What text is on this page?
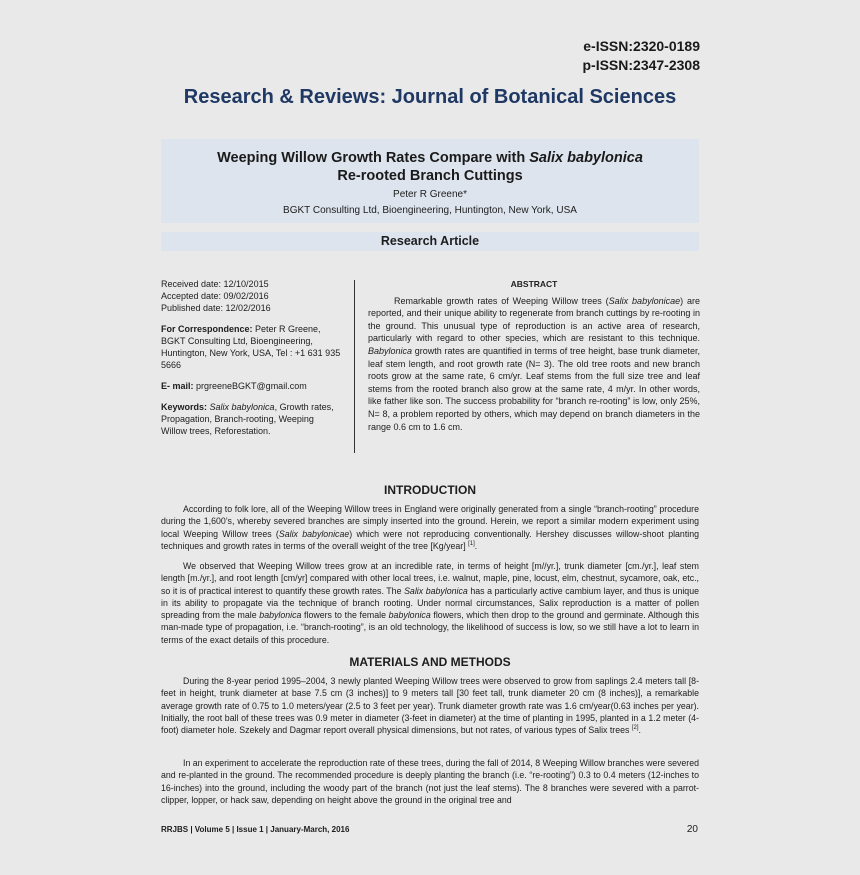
e-ISSN:2320-0189
p-ISSN:2347-2308
Research & Reviews: Journal of Botanical Sciences
Weeping Willow Growth Rates Compare with Salix babylonica
Re-rooted Branch Cuttings
Peter R Greene*
BGKT Consulting Ltd, Bioengineering, Huntington, New York, USA
Research Article

Received date: 12/10/2015

Accepted date: 09/02/2016

Published date: 12/02/2016

For Correspondence: Peter R Greene, BGKT Consulting Ltd, Bioengineering, Huntington, New York, USA, Tel : +1 631 935 5666

E- mail: prgreeneBGKT@gmail.com

Keywords: Salix babylonica, Growth rates, Propagation, Branch-rooting, Weeping Willow trees, Reforestation.

ABSTRACT
Remarkable growth rates of Weeping Willow trees (Salix babylonicae) are reported, and their unique ability to regenerate from branch cuttings by re-rooting in the ground. This unusual type of reproduction is an active area of research, particularly with regard to other species, which are resistant to this technique. Babylonica growth rates are quantified in terms of tree height, base trunk diameter, leaf stem length, and root growth rate (N= 3). The old tree roots and new branch roots grow at the same rate, 6 cm/yr. Leaf stems from the full size tree and leaf stems from the rooted branch also grow at the same rate, 4 m/yr. In other words, like father like son. The success probability for “branch re-rooting” is low, only 25%, N= 8, a problem reported by others, which may depend on branch diameters in the range 0.6 cm to 1.6 cm.
INTRODUCTION
According to folk lore, all of the Weeping Willow trees in England were originally generated from a single “branch-rooting” procedure during the 1,600’s, whereby severed branches are simply inserted into the ground. Herein, we report a similar modern experiment using local Weeping Willow trees (Salix babylonicae) which were not reproducing conventionally. Hershey discusses willow-shoot planting techniques and growth rates in terms of the overall weight of the tree [Kg/year] [1].
We observed that Weeping Willow trees grow at an incredible rate, in terms of height [m//yr.], trunk diameter [cm./yr.], leaf stem length [m./yr.], and root length [cm/yr] compared with other local trees, i.e. walnut, maple, pine, locust, elm, chestnut, sycamore, oak, etc., so it is of practical interest to quantify these growth rates. The Salix babylonica has a particularly active cambium layer, and thus is unique in its ability to propagate via the technique of branch rooting. Under normal circumstances, Salix reproduction is a matter of pollen spreading from the male babylonica flowers to the female babylonica flowers, which then drop to the ground and germinate. Although this man-made type of propagation, i.e. “branch-rooting”, is an old technology, the likelihood of success is low, so we still have a lot to learn in terms of the exact details of this procedure.
MATERIALS AND METHODS
During the 8-year period 1995–2004, 3 newly planted Weeping Willow trees were observed to grow from saplings 2.4 meters tall [8-feet in height, trunk diameter at base 7.5 cm (3 inches)] to 9 meters tall [30 feet tall, trunk diameter 20 cm (8 inches)], a remarkable average growth rate of 0.75 to 1.0 meters/year (2.5 to 3 feet per year). Trunk diameter growth rate was 1.6 cm/year(0.63 inches per year). Initially, the root ball of these trees was 0.9 meter in diameter (3-feet in diameter) at the time of planting in 1995, planted in a 1.2 meter (4-foot) diameter hole. Szekely and Dagmar report overall physical dimensions, but not rates, of various types of Salix trees [2].
In an experiment to accelerate the reproduction rate of these trees, during the fall of 2014, 8 Weeping Willow branches were severed and re-planted in the ground. The recommended procedure is deeply planting the branch (i.e. “re-rooting”) 0.3 to 0.4 meters (12-inches to 16-inches) into the ground, including the woody part of the branch (not just the leaf stems). The 8 branches were severed with a parrot-clipper, lopper, or hack saw, depending on height above the ground in the original tree and
RRJBS | Volume 5 | Issue 1 | January-March, 2016	20
